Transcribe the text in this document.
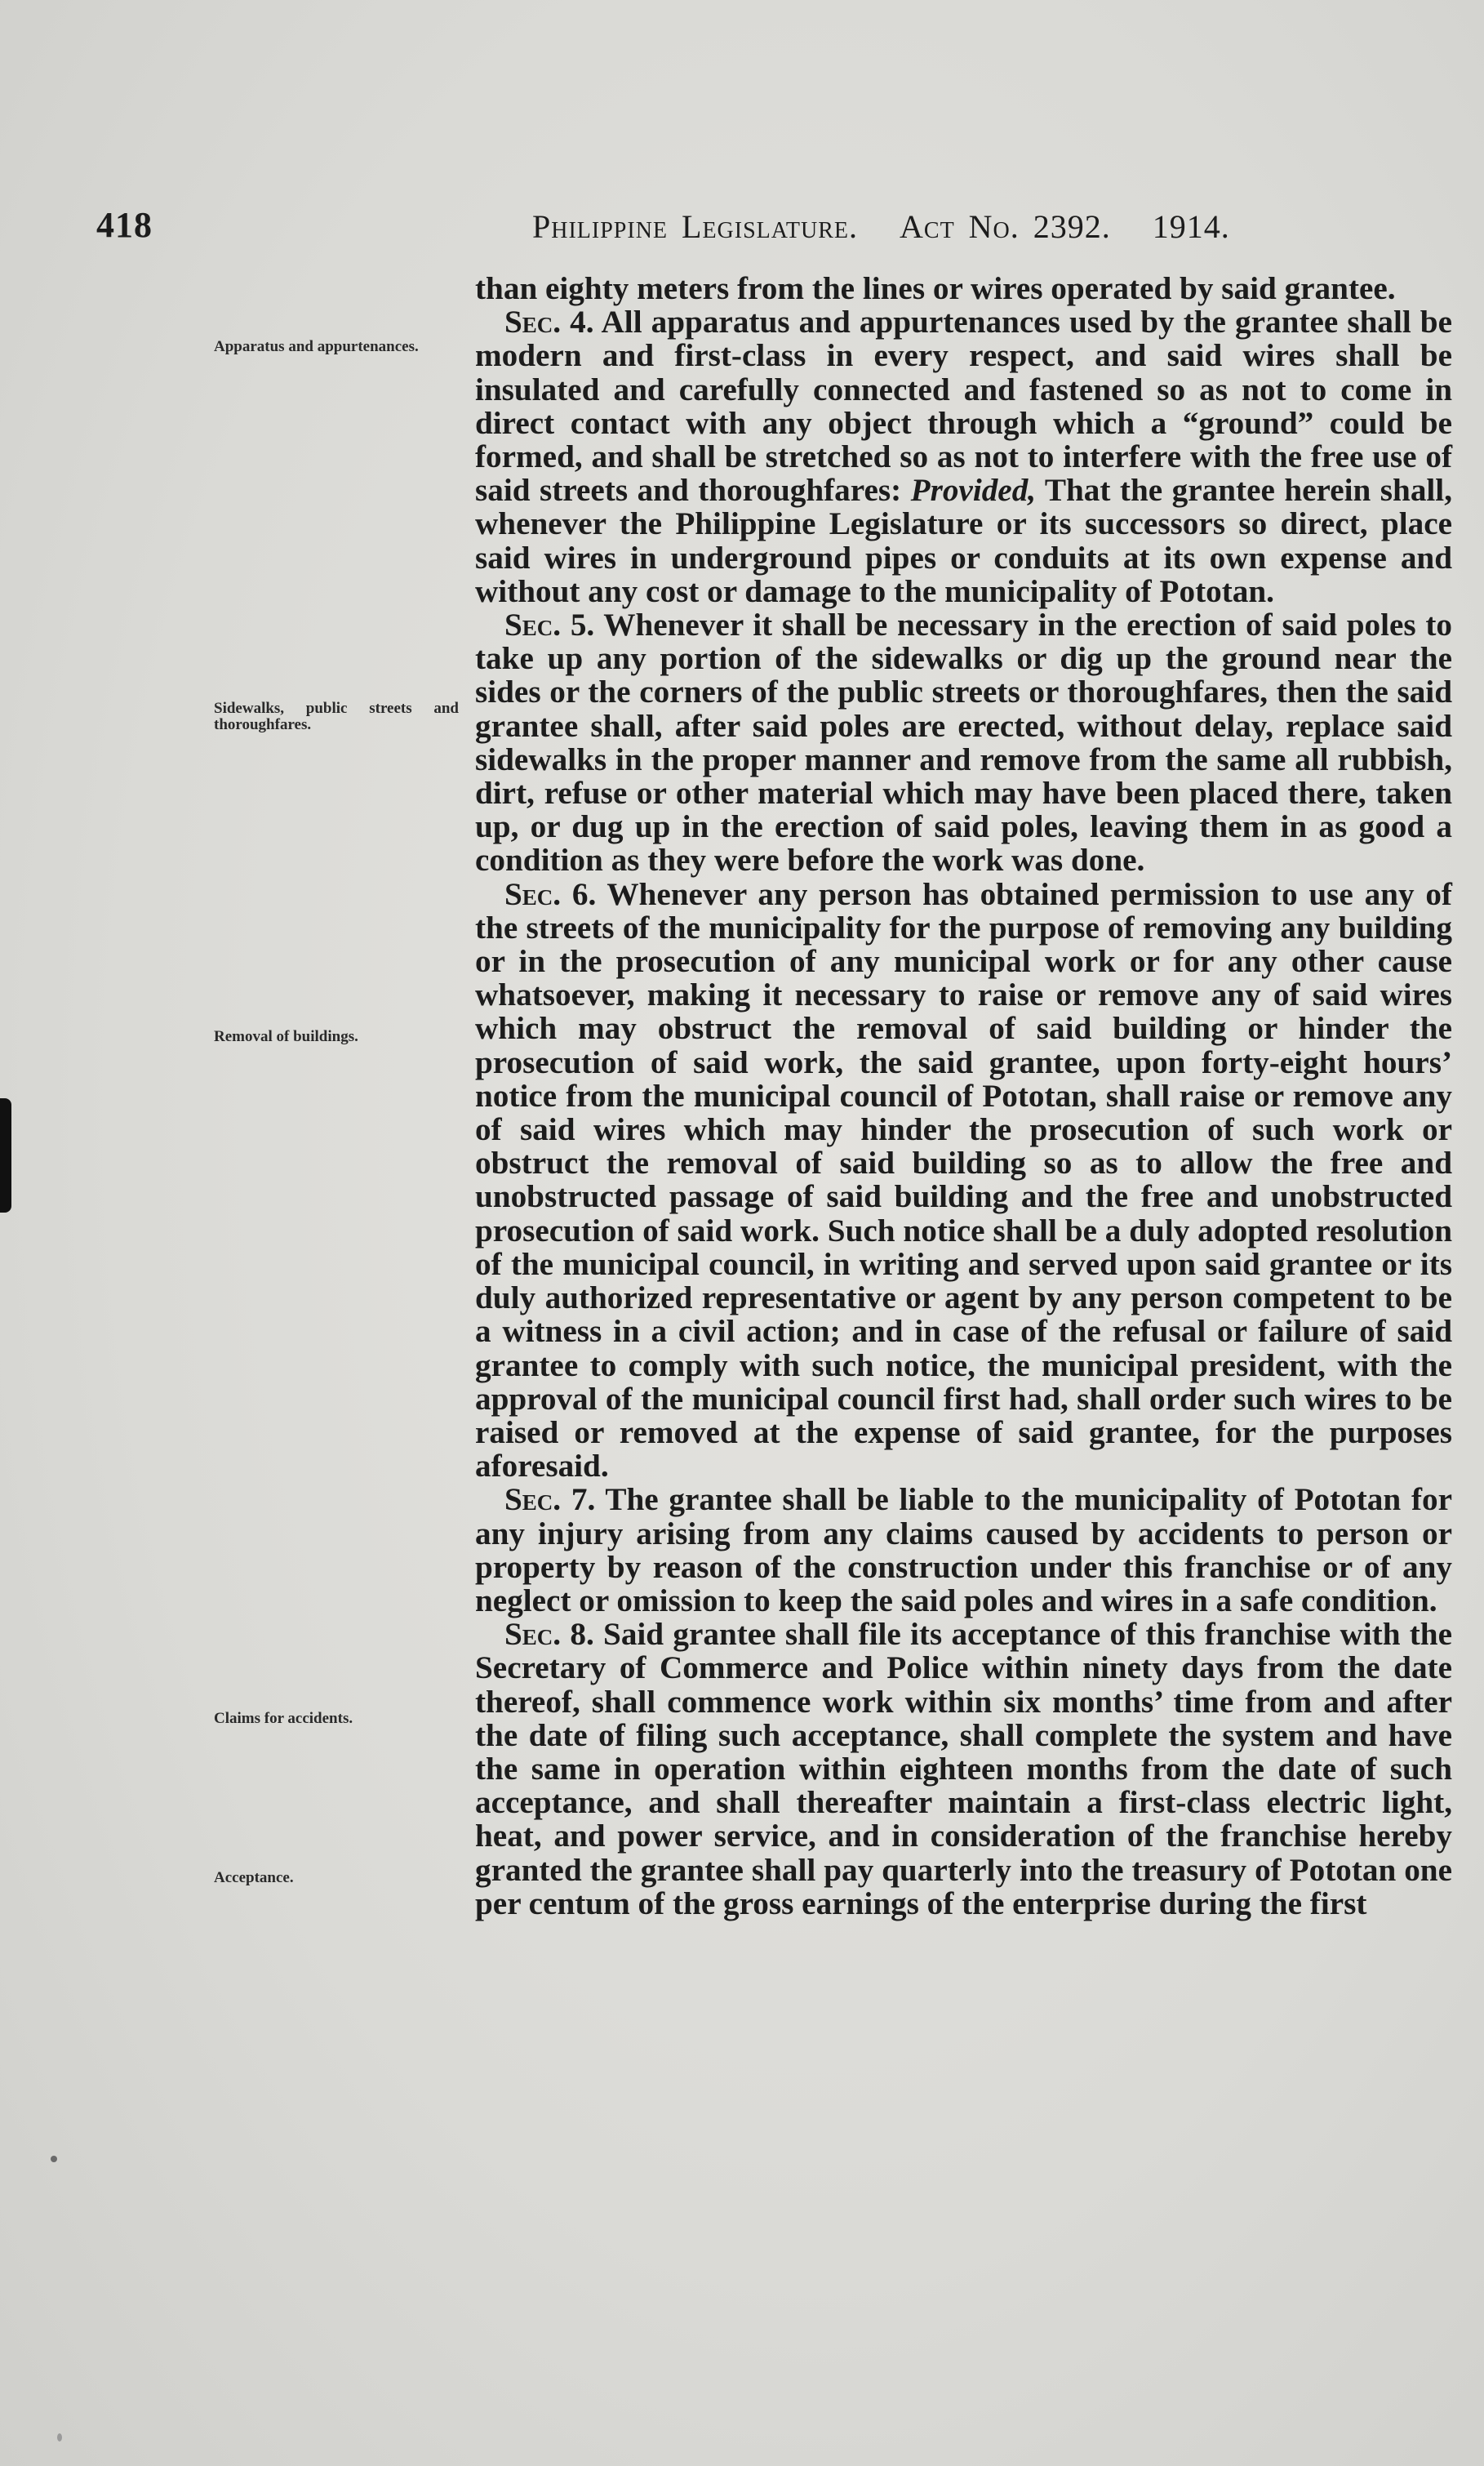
418	Philippine Legislature. Act No. 2392. 1914.
Apparatus and appurtenances.
Sidewalks, public streets and thoroughfares.
Removal of buildings.
Claims for accidents.
Acceptance.

than eighty meters from the lines or wires operated by said grantee.

Sec. 4. All apparatus and appurtenances used by the grantee shall be modern and first-class in every respect, and said wires shall be insulated and carefully connected and fastened so as not to come in direct contact with any object through which a “ground” could be formed, and shall be stretched so as not to interfere with the free use of said streets and thoroughfares: Provided, That the grantee herein shall, whenever the Philippine Legislature or its successors so direct, place said wires in underground pipes or conduits at its own expense and without any cost or damage to the municipality of Pototan.

Sec. 5. Whenever it shall be necessary in the erection of said poles to take up any portion of the sidewalks or dig up the ground near the sides or the corners of the public streets or thoroughfares, then the said grantee shall, after said poles are erected, without delay, replace said sidewalks in the proper manner and remove from the same all rubbish, dirt, refuse or other material which may have been placed there, taken up, or dug up in the erection of said poles, leaving them in as good a condition as they were before the work was done.

Sec. 6. Whenever any person has obtained permission to use any of the streets of the municipality for the purpose of removing any building or in the prosecution of any municipal work or for any other cause whatsoever, making it necessary to raise or remove any of said wires which may obstruct the removal of said building or hinder the prosecution of said work, the said grantee, upon forty-eight hours’ notice from the municipal council of Pototan, shall raise or remove any of said wires which may hinder the prosecution of such work or obstruct the removal of said building so as to allow the free and unobstructed passage of said building and the free and unobstructed prosecution of said work. Such notice shall be a duly adopted resolution of the municipal council, in writing and served upon said grantee or its duly authorized representative or agent by any person competent to be a witness in a civil action; and in case of the refusal or failure of said grantee to comply with such notice, the municipal president, with the approval of the municipal council first had, shall order such wires to be raised or removed at the expense of said grantee, for the purposes aforesaid.

Sec. 7. The grantee shall be liable to the municipality of Pototan for any injury arising from any claims caused by accidents to person or property by reason of the construction under this franchise or of any neglect or omission to keep the said poles and wires in a safe condition.

Sec. 8. Said grantee shall file its acceptance of this franchise with the Secretary of Commerce and Police within ninety days from the date thereof, shall commence work within six months’ time from and after the date of filing such acceptance, shall complete the system and have the same in operation within eighteen months from the date of such acceptance, and shall thereafter maintain a first-class electric light, heat, and power service, and in consideration of the franchise hereby granted the grantee shall pay quarterly into the treasury of Pototan one per centum of the gross earnings of the enterprise during the first
